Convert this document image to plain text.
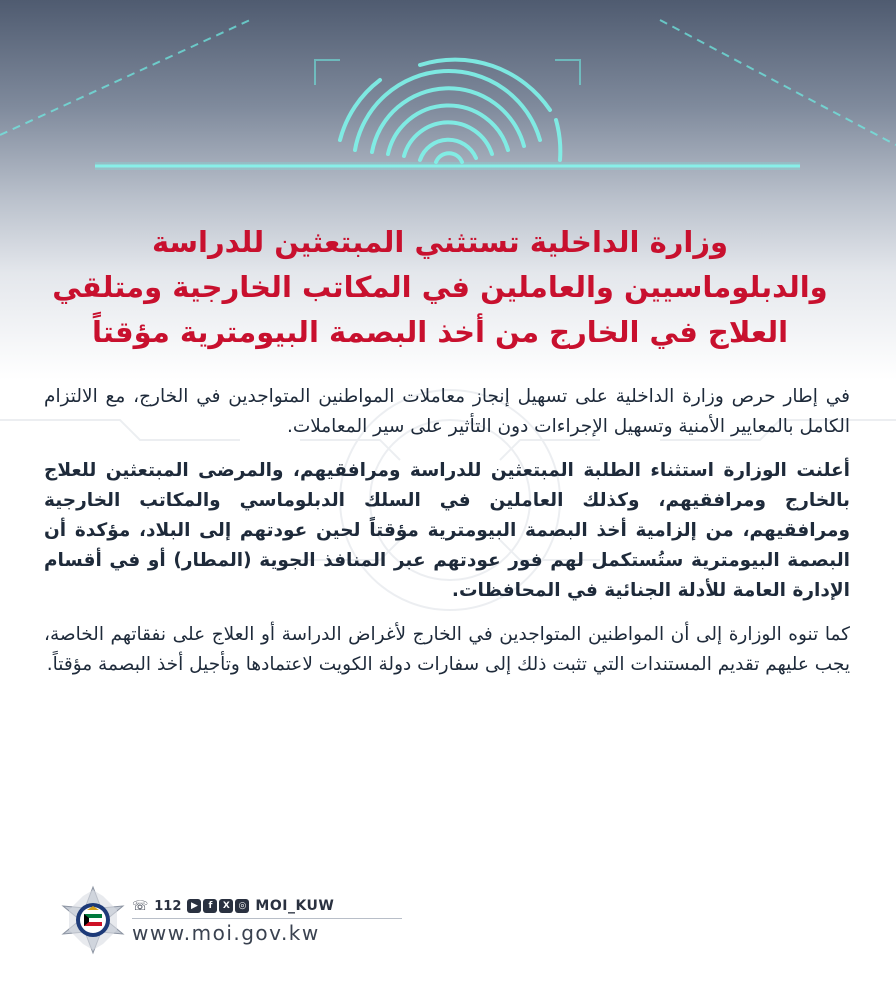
وزارة الداخلية تستثني المبتعثين للدراسة
والدبلوماسيين والعاملين في المكاتب الخارجية ومتلقي
العلاج في الخارج من أخذ البصمة البيومترية مؤقتاً

في إطار حرص وزارة الداخلية على تسهيل إنجاز معاملات المواطنين المتواجدين في الخارج، مع الالتزام الكامل بالمعايير الأمنية وتسهيل الإجراءات دون التأثير على سير المعاملات.

أعلنت الوزارة استثناء الطلبة المبتعثين للدراسة ومرافقيهم، والمرضى المبتعثين للعلاج بالخارج ومرافقيهم، وكذلك العاملين في السلك الدبلوماسي والمكاتب الخارجية ومرافقيهم، من إلزامية أخذ البصمة البيومترية مؤقتاً لحين عودتهم إلى البلاد، مؤكدة أن البصمة البيومترية ستُستكمل لهم فور عودتهم عبر المنافذ الجوية (المطار) أو في أقسام الإدارة العامة للأدلة الجنائية في المحافظات.

كما تنوه الوزارة إلى أن المواطنين المتواجدين في الخارج لأغراض الدراسة أو العلاج على نفقاتهم الخاصة، يجب عليهم تقديم المستندات التي تثبت ذلك إلى سفارات دولة الكويت لاعتمادها وتأجيل أخذ البصمة مؤقتاً.

☏ 112	▶	f	X ◎ MOI_KUW
www.moi.gov.kw
